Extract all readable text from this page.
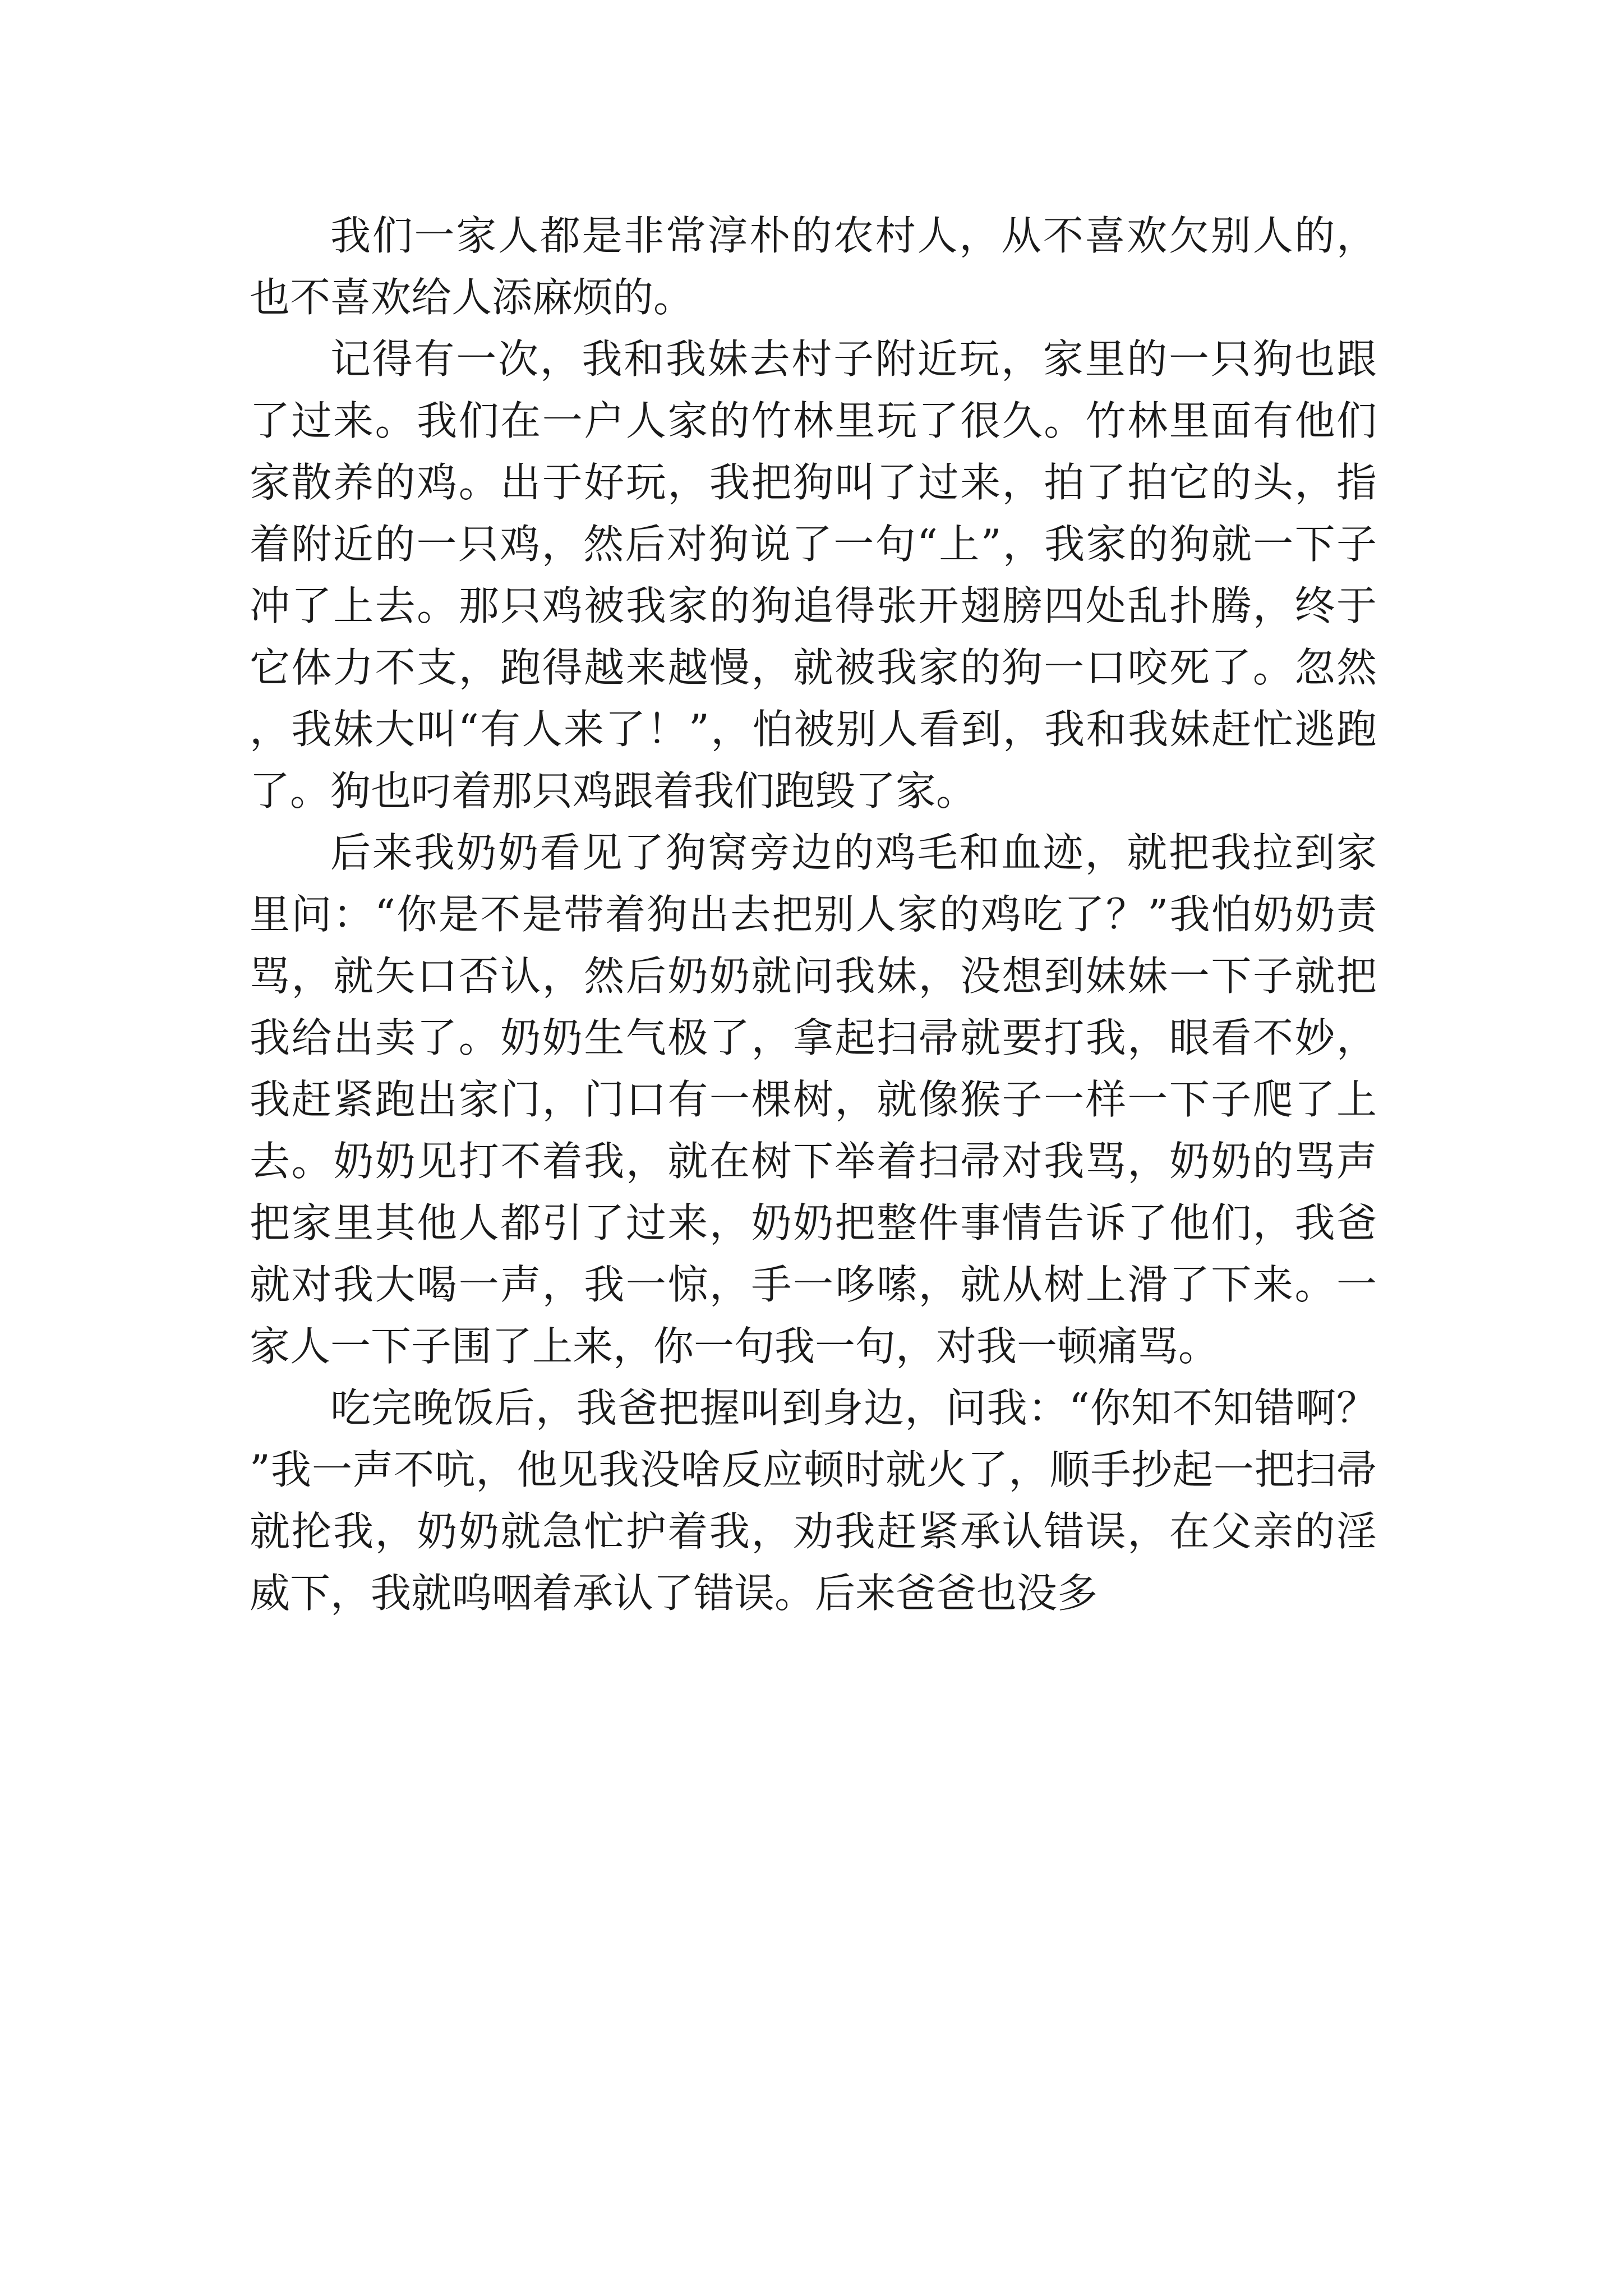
我们一家人都是非常淳朴的农村人，从不喜欢欠别人的，也不喜欢给人添麻烦的。

记得有一次，我和我妹去村子附近玩，家里的一只狗也跟了过来。我们在一户人家的竹林里玩了很久。竹林里面有他们家散养的鸡。出于好玩，我把狗叫了过来，拍了拍它的头，指着附近的一只鸡，然后对狗说了一句“上”，我家的狗就一下子冲了上去。那只鸡被我家的狗追得张开翅膀四处乱扑腾，终于它体力不支，跑得越来越慢，就被我家的狗一口咬死了。忽然，我妹大叫“有人来了！”，怕被别人看到，我和我妹赶忙逃跑了。狗也叼着那只鸡跟着我们跑毁了家。

后来我奶奶看见了狗窝旁边的鸡毛和血迹，就把我拉到家里问：“你是不是带着狗出去把别人家的鸡吃了？”我怕奶奶责骂，就矢口否认，然后奶奶就问我妹，没想到妹妹一下子就把我给出卖了。奶奶生气极了，拿起扫帚就要打我，眼看不妙，我赶紧跑出家门，门口有一棵树，就像猴子一样一下子爬了上去。奶奶见打不着我，就在树下举着扫帚对我骂，奶奶的骂声把家里其他人都引了过来，奶奶把整件事情告诉了他们，我爸就对我大喝一声，我一惊，手一哆嗦，就从树上滑了下来。一家人一下子围了上来，你一句我一句，对我一顿痛骂。

吃完晚饭后，我爸把握叫到身边，问我：“你知不知错啊？”我一声不吭，他见我没啥反应顿时就火了，顺手抄起一把扫帚就抡我，奶奶就急忙护着我，劝我赶紧承认错误，在父亲的淫威下，我就呜咽着承认了错误。后来爸爸也没多
